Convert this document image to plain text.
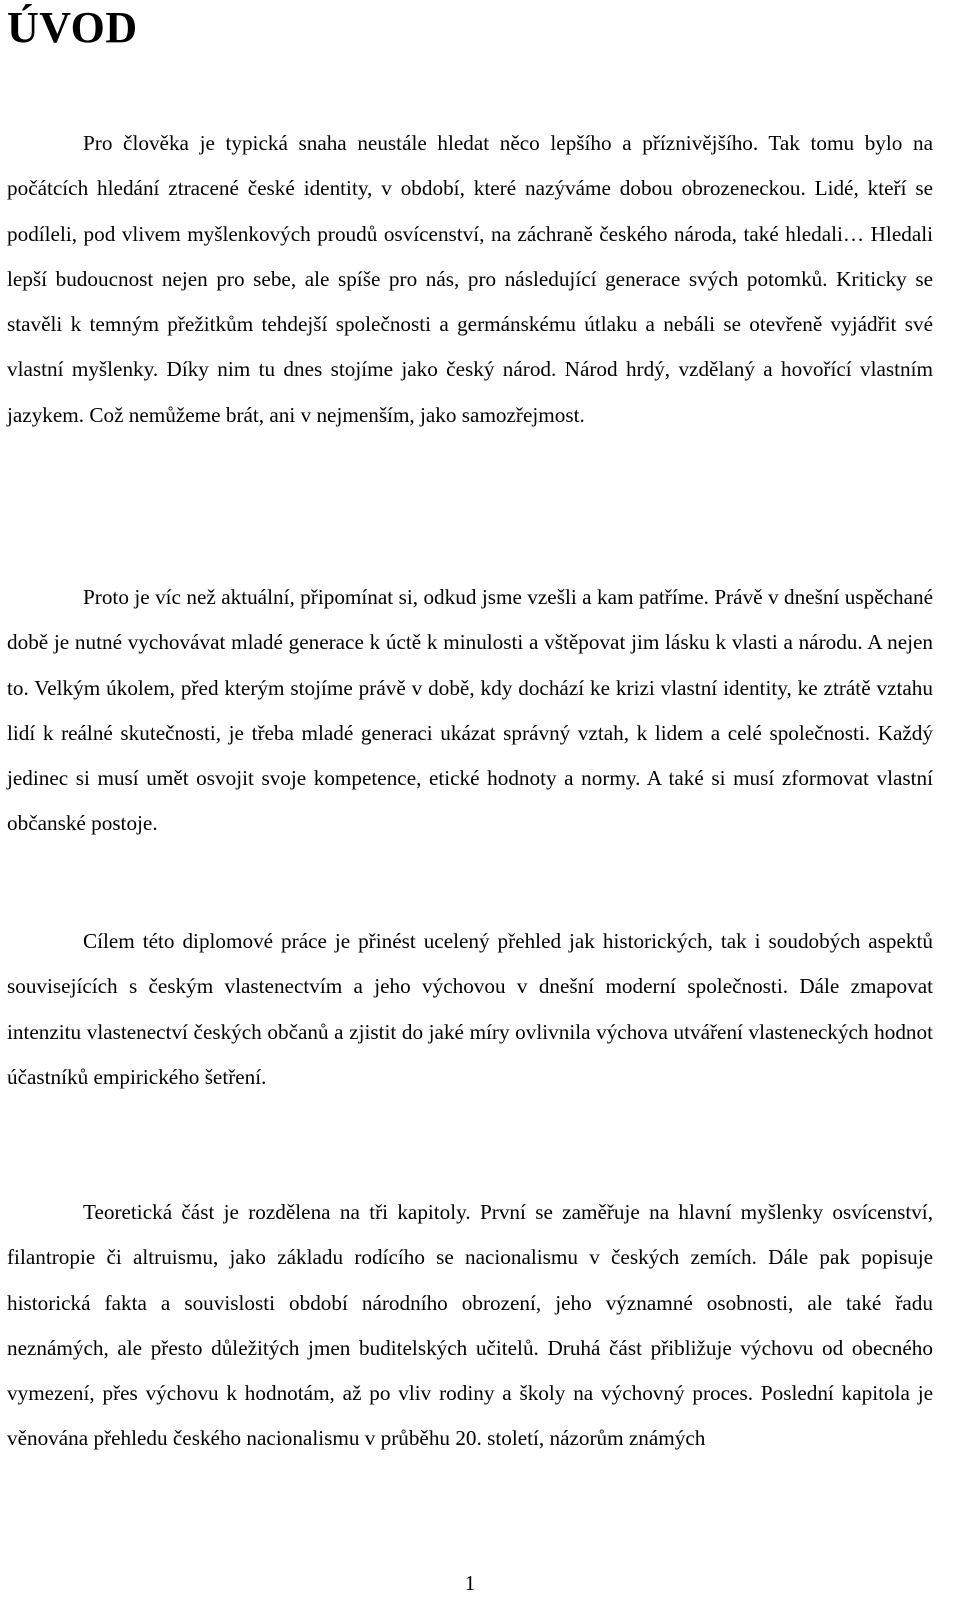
ÚVOD

Pro člověka je typická snaha neustále hledat něco lepšího a příznivějšího. Tak tomu bylo na počátcích hledání ztracené české identity, v období, které nazýváme dobou obrozeneckou. Lidé, kteří se podíleli, pod vlivem myšlenkových proudů osvícenství, na záchraně českého národa, také hledali… Hledali lepší budoucnost nejen pro sebe, ale spíše pro nás, pro následující generace svých potomků. Kriticky se stavěli k temným přežitkům tehdejší společnosti a germánskému útlaku a nebáli se otevřeně vyjádřit své vlastní myšlenky. Díky nim tu dnes stojíme jako český národ. Národ hrdý, vzdělaný a hovořící vlastním jazykem. Což nemůžeme brát, ani v nejmenším, jako samozřejmost.

Proto je víc než aktuální, připomínat si, odkud jsme vzešli a kam patříme. Právě v dnešní uspěchané době je nutné vychovávat mladé generace k úctě k minulosti a vštěpovat jim lásku k vlasti a národu. A nejen to. Velkým úkolem, před kterým stojíme právě v době, kdy dochází ke krizi vlastní identity, ke ztrátě vztahu lidí k reálné skutečnosti, je třeba mladé generaci ukázat správný vztah, k lidem a celé společnosti. Každý jedinec si musí umět osvojit svoje kompetence, etické hodnoty a normy. A také si musí zformovat vlastní občanské postoje.

Cílem této diplomové práce je přinést ucelený přehled jak historických, tak i soudobých aspektů souvisejících s českým vlastenectvím a jeho výchovou v dnešní moderní společnosti. Dále zmapovat intenzitu vlastenectví českých občanů a zjistit do jaké míry ovlivnila výchova utváření vlasteneckých hodnot účastníků empirického šetření.

Teoretická část je rozdělena na tři kapitoly. První se zaměřuje na hlavní myšlenky osvícenství, filantropie či altruismu, jako základu rodícího se nacionalismu v českých zemích. Dále pak popisuje historická fakta a souvislosti období národního obrození, jeho významné osobnosti, ale také řadu neznámých, ale přesto důležitých jmen buditelských učitelů. Druhá část přibližuje výchovu od obecného vymezení, přes výchovu k hodnotám, až po vliv rodiny a školy na výchovný proces. Poslední kapitola je věnována přehledu českého nacionalismu v průběhu 20. století, názorům známých

1
